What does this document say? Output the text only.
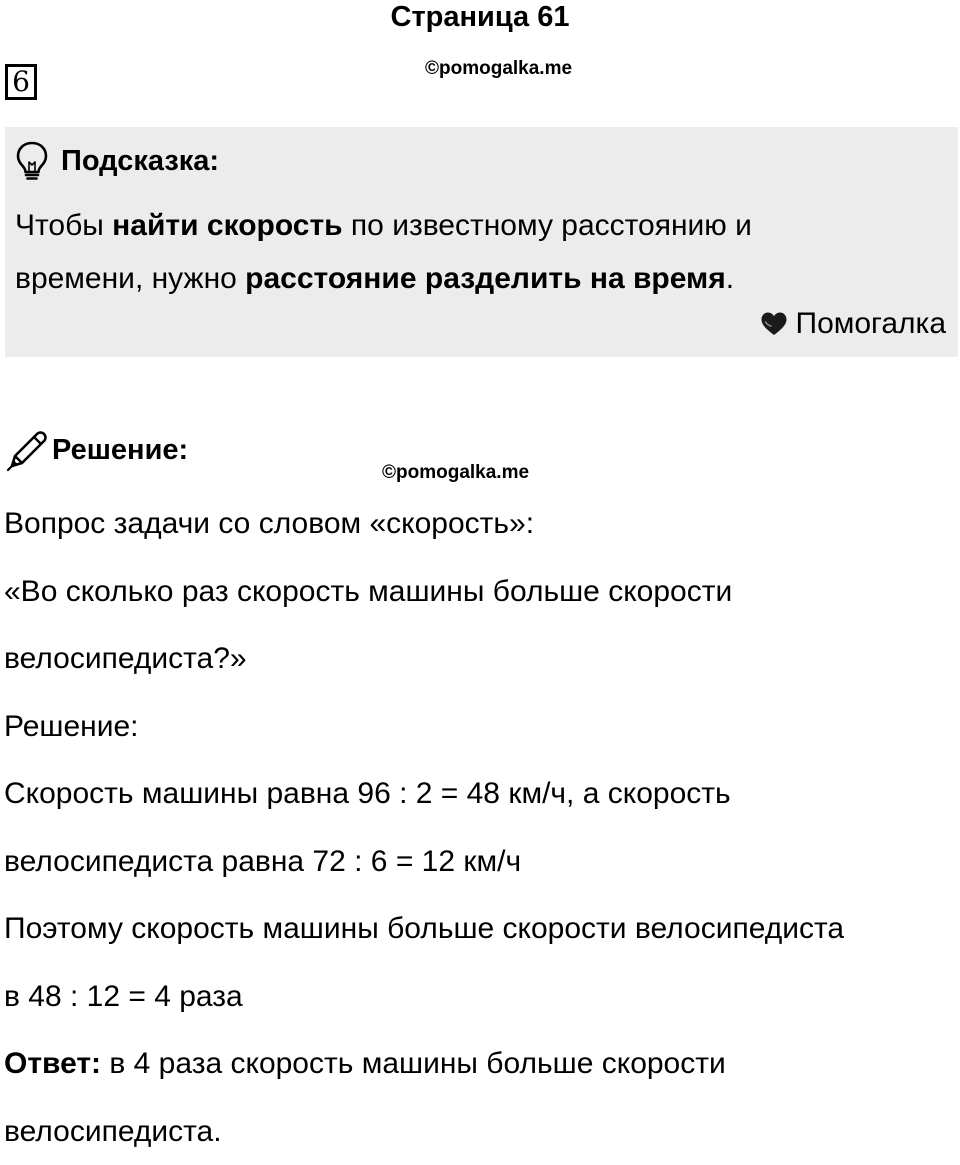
Страница 61
6	©pomogalka.me
Подсказка:
Чтобы найти скорость по известному расстоянию и
времени, нужно расстояние разделить на время.
Помогалка
Решение:
©pomogalka.me
Вопрос задачи со словом «скорость»:
«Во сколько раз скорость машины больше скорости
велосипедиста?»
Решение:
Скорость машины равна 96 : 2 = 48 км/ч, а скорость
велосипедиста равна 72 : 6 = 12 км/ч
Поэтому скорость машины больше скорости велосипедиста
в 48 : 12 = 4 раза
Ответ: в 4 раза скорость машины больше скорости
велосипедиста.
